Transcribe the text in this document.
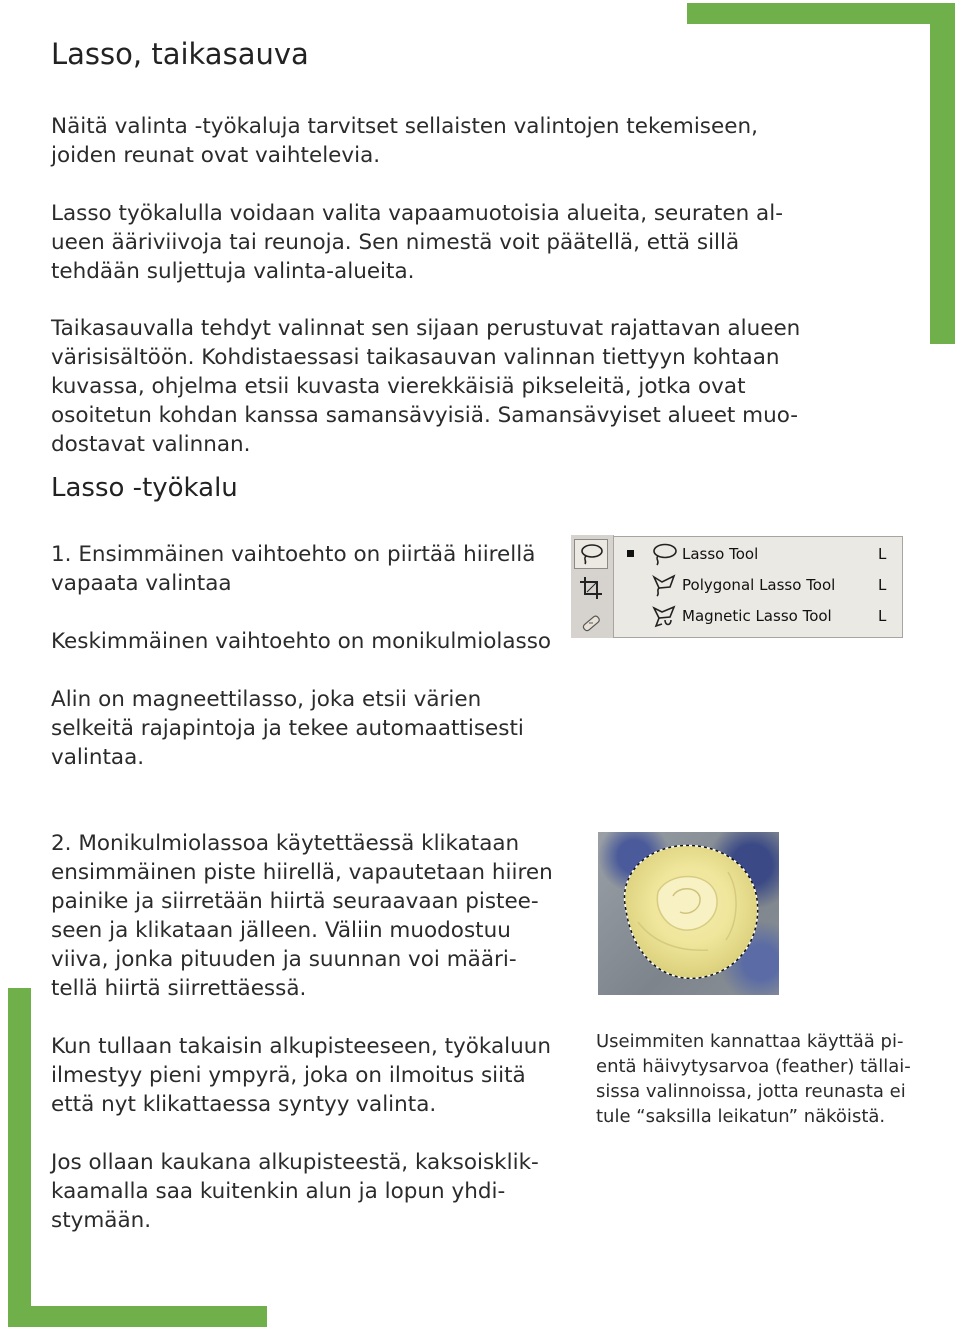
Lasso, taikasauva

Näitä valinta -työkaluja tarvitset sellaisten valintojen tekemiseen,
joiden reunat ovat vaihtelevia.

Lasso työkalulla voidaan valita vapaamuotoisia alueita, seuraten al-
ueen ääriviivoja tai reunoja. Sen nimestä voit päätellä, että sillä
tehdään suljettuja valinta-alueita.

Taikasauvalla tehdyt valinnat sen sijaan perustuvat rajattavan alueen
värisisältöön. Kohdistaessasi taikasauvan valinnan tiettyyn kohtaan
kuvassa, ohjelma etsii kuvasta vierekkäisiä pikseleitä, jotka ovat
osoitetun kohdan kanssa samansävyisiä. Samansävyiset alueet muo-
dostavat valinnan.

Lasso -työkalu

1. Ensimmäinen vaihtoehto on piirtää hiirellä
vapaata valintaa

Keskimmäinen vaihtoehto on monikulmiolasso

Alin on magneettilasso, joka etsii värien
selkeitä rajapintoja ja tekee automaattisesti
valintaa.

Lasso Tool	L
Polygonal Lasso Tool	L
Magnetic Lasso Tool	L

2. Monikulmiolassoa käytettäessä klikataan
ensimmäinen piste hiirellä, vapautetaan hiiren
painike ja siirretään hiirtä seuraavaan pistee-
seen ja klikataan jälleen. Väliin muodostuu
viiva, jonka pituuden ja suunnan voi määri-
tellä hiirtä siirrettäessä.

Kun tullaan takaisin alkupisteeseen, työkaluun
ilmestyy pieni ympyrä, joka on ilmoitus siitä
että nyt klikattaessa syntyy valinta.

Useimmiten kannattaa käyttää pi-
entä häivytysarvoa (feather) tällai-
sissa valinnoissa, jotta reunasta ei
tule “saksilla leikatun” näköistä.

Jos ollaan kaukana alkupisteestä, kaksoisklik-
kaamalla saa kuitenkin alun ja lopun yhdi-
stymään.
